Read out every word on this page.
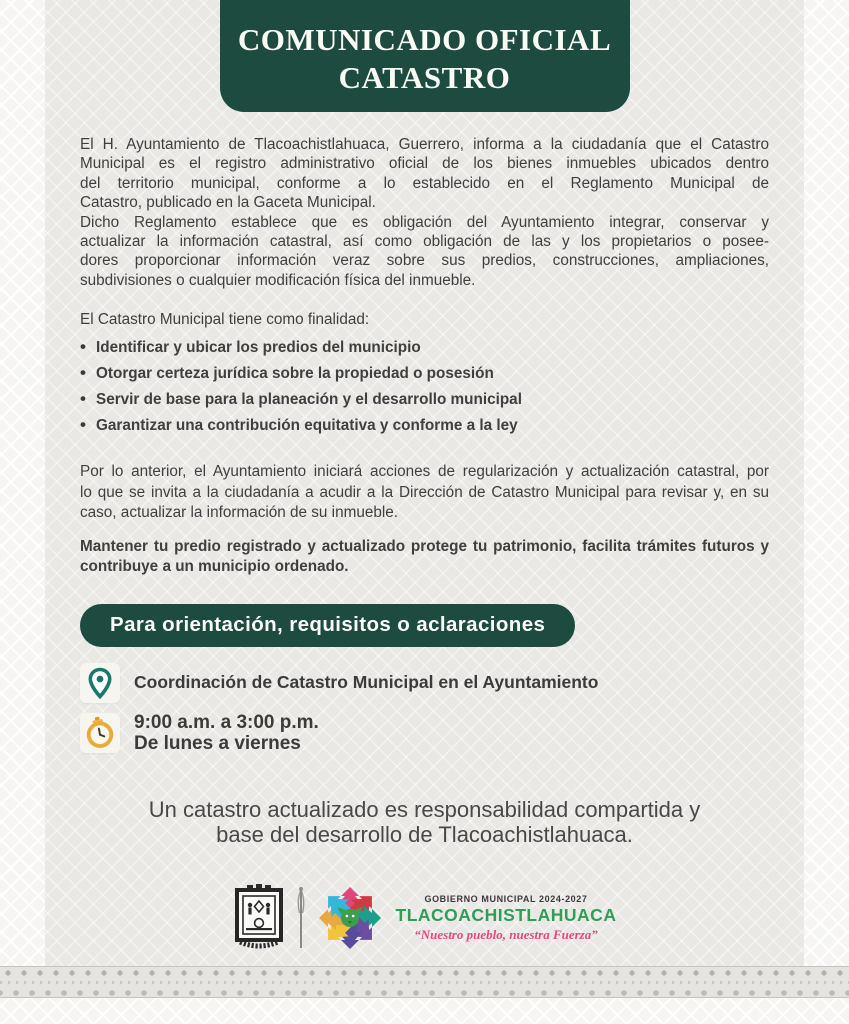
COMUNICADO OFICIAL
CATASTRO
El H. Ayuntamiento de Tlacoachistlahuaca, Guerrero, informa a la ciudadanía que el Catastro
Municipal es el registro administrativo oficial de los bienes inmuebles ubicados dentro
del territorio municipal, conforme a lo establecido en el Reglamento Municipal de
Catastro, publicado en la Gaceta Municipal.
Dicho Reglamento establece que es obligación del Ayuntamiento integrar, conservar y
actualizar la información catastral, así como obligación de las y los propietarios o posee-
dores proporcionar información veraz sobre sus predios, construcciones, ampliaciones,
subdivisiones o cualquier modificación física del inmueble.
El Catastro Municipal tiene como finalidad:
• Identificar y ubicar los predios del municipio
• Otorgar certeza jurídica sobre la propiedad o posesión
• Servir de base para la planeación y el desarrollo municipal
• Garantizar una contribución equitativa y conforme a la ley
Por lo anterior, el Ayuntamiento iniciará acciones de regularización y actualización catastral, por
lo que se invita a la ciudadanía a acudir a la Dirección de Catastro Municipal para revisar y, en su
caso, actualizar la información de su inmueble.
Mantener tu predio registrado y actualizado protege tu patrimonio, facilita trámites futuros y
contribuye a un municipio ordenado.
Para orientación, requisitos o aclaraciones
Coordinación de Catastro Municipal en el Ayuntamiento
9:00 a.m. a 3:00 p.m.
De lunes a viernes
Un catastro actualizado es responsabilidad compartida y
base del desarrollo de Tlacoachistlahuaca.
GOBIERNO MUNICIPAL 2024-2027
TLACOACHISTLAHUACA
“Nuestro pueblo, nuestra Fuerza”
